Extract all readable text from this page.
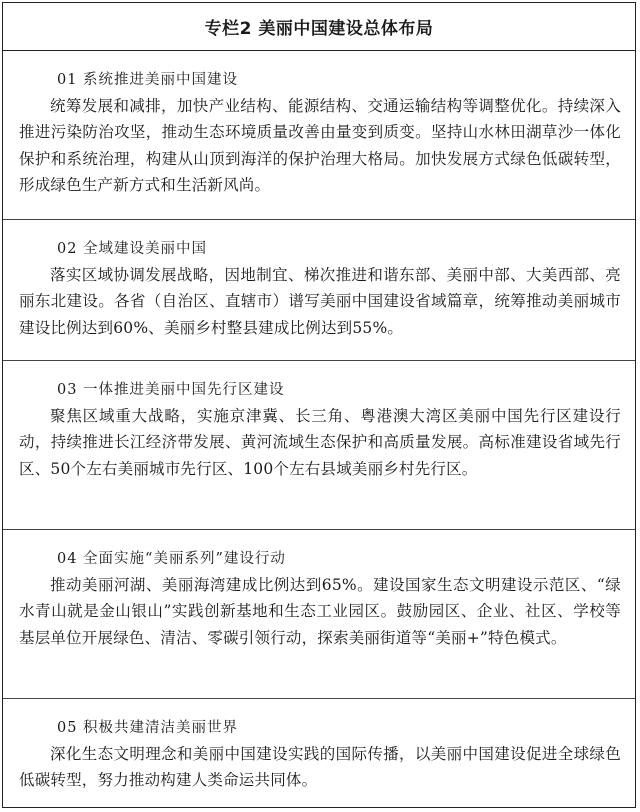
专栏2 美丽中国建设总体布局
01 系统推进美丽中国建设
统筹发展和减排，加快产业结构、能源结构、交通运输结构等调整优化。持续深入推进污染防治攻坚，推动生态环境质量改善由量变到质变。坚持山水林田湖草沙一体化保护和系统治理，构建从山顶到海洋的保护治理大格局。加快发展方式绿色低碳转型，形成绿色生产新方式和生活新风尚。
02 全域建设美丽中国
落实区域协调发展战略，因地制宜、梯次推进和谐东部、美丽中部、大美西部、亮丽东北建设。各省（自治区、直辖市）谱写美丽中国建设省域篇章，统筹推动美丽城市建设比例达到60%、美丽乡村整县建成比例达到55%。
03 一体推进美丽中国先行区建设
聚焦区域重大战略，实施京津冀、长三角、粤港澳大湾区美丽中国先行区建设行动，持续推进长江经济带发展、黄河流域生态保护和高质量发展。高标准建设省域先行区、50个左右美丽城市先行区、100个左右县域美丽乡村先行区。
04 全面实施“美丽系列”建设行动
推动美丽河湖、美丽海湾建成比例达到65%。建设国家生态文明建设示范区、“绿水青山就是金山银山”实践创新基地和生态工业园区。鼓励园区、企业、社区、学校等基层单位开展绿色、清洁、零碳引领行动，探索美丽街道等“美丽+”特色模式。
05 积极共建清洁美丽世界
深化生态文明理念和美丽中国建设实践的国际传播，以美丽中国建设促进全球绿色低碳转型，努力推动构建人类命运共同体。
